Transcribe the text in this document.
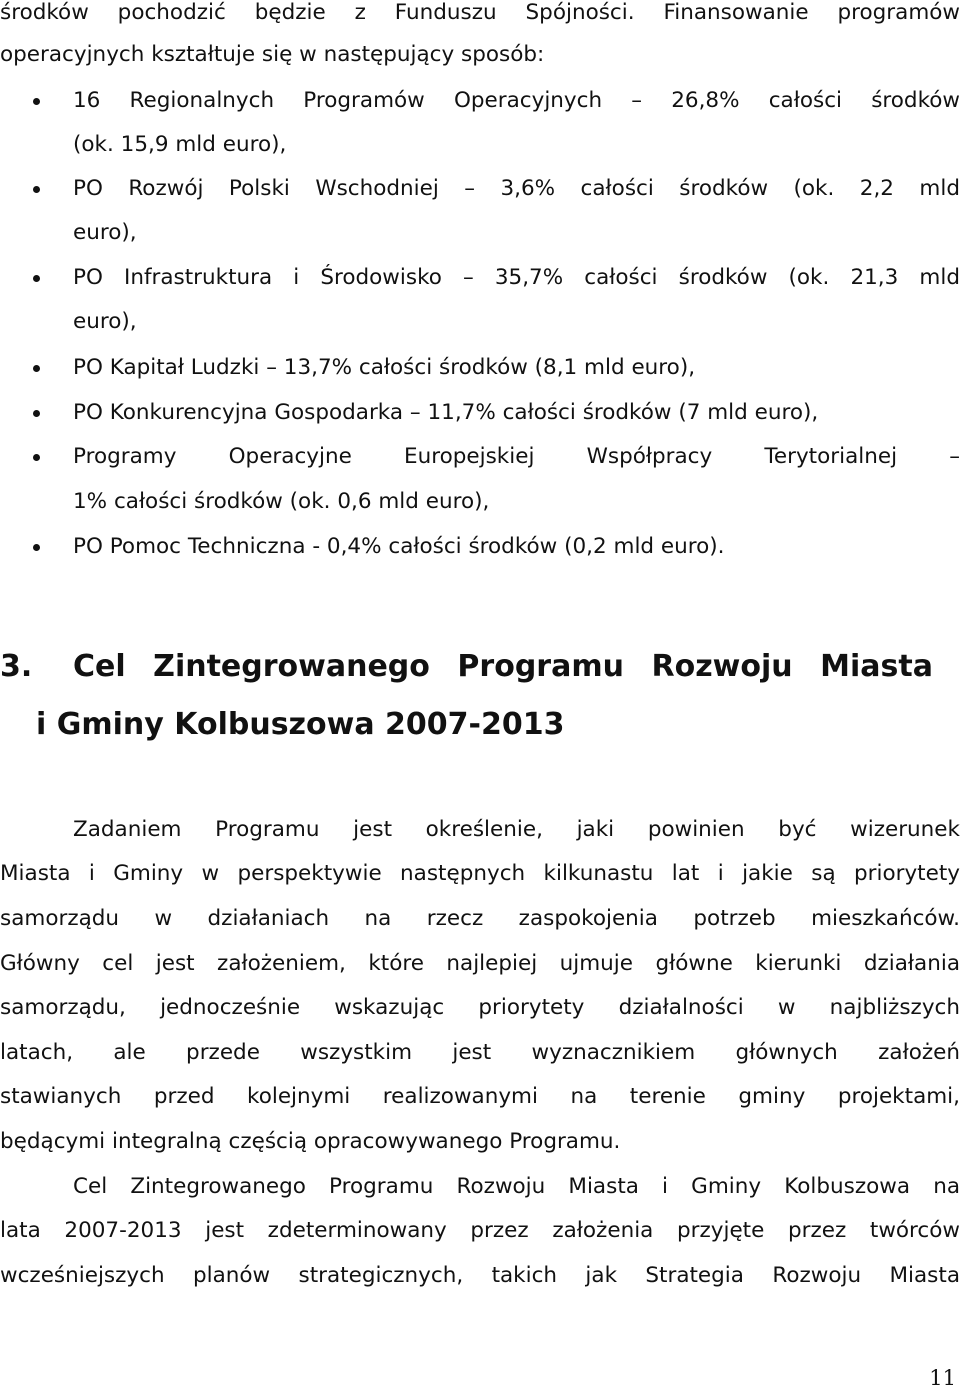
środków pochodzić będzie z Funduszu Spójności. Finansowanie programów
operacyjnych kształtuje się w następujący sposób:
16 Regionalnych Programów Operacyjnych – 26,8% całości środków
(ok. 15,9 mld euro),
PO Rozwój Polski Wschodniej – 3,6% całości środków (ok. 2,2 mld
euro),
PO Infrastruktura i Środowisko – 35,7% całości środków (ok. 21,3 mld
euro),
PO Kapitał Ludzki – 13,7% całości środków (8,1 mld euro),
PO Konkurencyjna Gospodarka – 11,7% całości środków (7 mld euro),
Programy Operacyjne Europejskiej Współpracy Terytorialnej –
1% całości środków (ok. 0,6 mld euro),
PO Pomoc Techniczna - 0,4% całości środków (0,2 mld euro).
3. Cel Zintegrowanego Programu Rozwoju Miasta
i Gminy Kolbuszowa 2007-2013
Zadaniem Programu jest określenie, jaki powinien być wizerunek
Miasta i Gminy w perspektywie następnych kilkunastu lat i jakie są priorytety
samorządu w działaniach na rzecz zaspokojenia potrzeb mieszkańców.
Główny cel jest założeniem, które najlepiej ujmuje główne kierunki działania
samorządu, jednocześnie wskazując priorytety działalności w najbliższych
latach, ale przede wszystkim jest wyznacznikiem głównych założeń
stawianych przed kolejnymi realizowanymi na terenie gminy projektami,
będącymi integralną częścią opracowywanego Programu.
Cel Zintegrowanego Programu Rozwoju Miasta i Gminy Kolbuszowa na
lata 2007-2013 jest zdeterminowany przez założenia przyjęte przez twórców
wcześniejszych planów strategicznych, takich jak Strategia Rozwoju Miasta
11
